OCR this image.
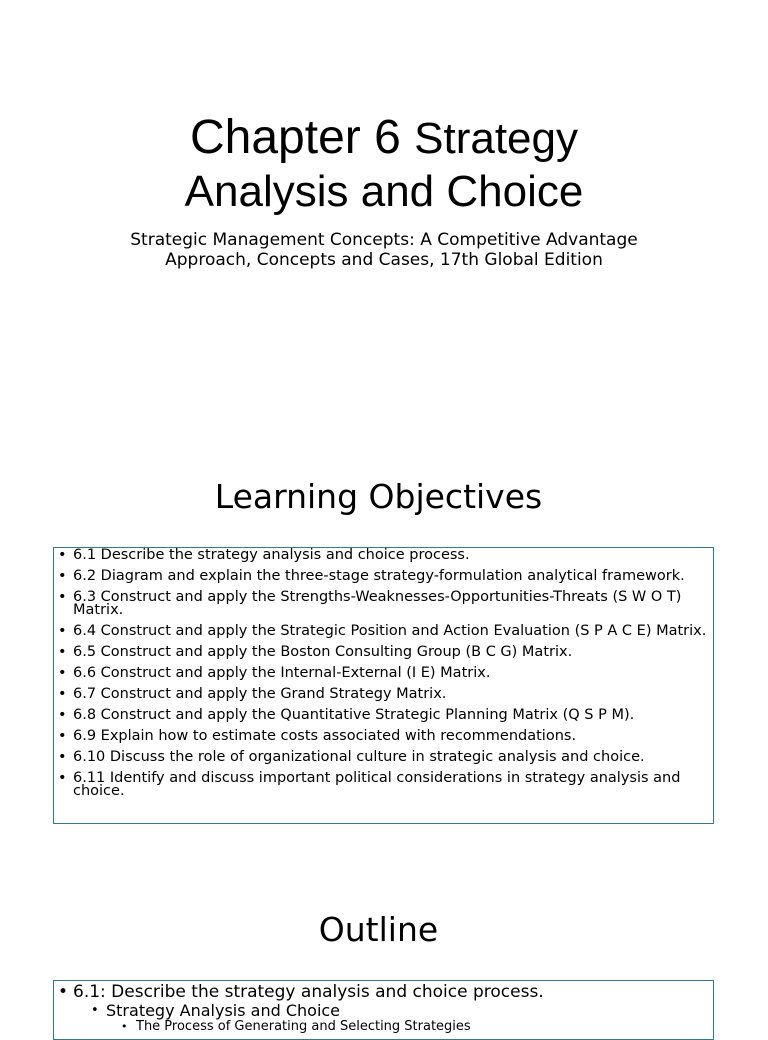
Chapter 6 Strategy
Analysis and Choice

Strategic Management Concepts: A Competitive Advantage Approach, Concepts and Cases, 17th Global Edition

Learning Objectives
• 6.1 Describe the strategy analysis and choice process.
• 6.2 Diagram and explain the three-stage strategy-formulation analytical framework.
• 6.3 Construct and apply the Strengths-Weaknesses-Opportunities-Threats (S W O T) Matrix.
• 6.4 Construct and apply the Strategic Position and Action Evaluation (S P A C E) Matrix.
• 6.5 Construct and apply the Boston Consulting Group (B C G) Matrix.
• 6.6 Construct and apply the Internal-External (I E) Matrix.
• 6.7 Construct and apply the Grand Strategy Matrix.
• 6.8 Construct and apply the Quantitative Strategic Planning Matrix (Q S P M).
• 6.9 Explain how to estimate costs associated with recommendations.
• 6.10 Discuss the role of organizational culture in strategic analysis and choice.
• 6.11 Identify and discuss important political considerations in strategy analysis and choice.
Outline
• 6.1: Describe the strategy analysis and choice process.
• Strategy Analysis and Choice
• The Process of Generating and Selecting Strategies
